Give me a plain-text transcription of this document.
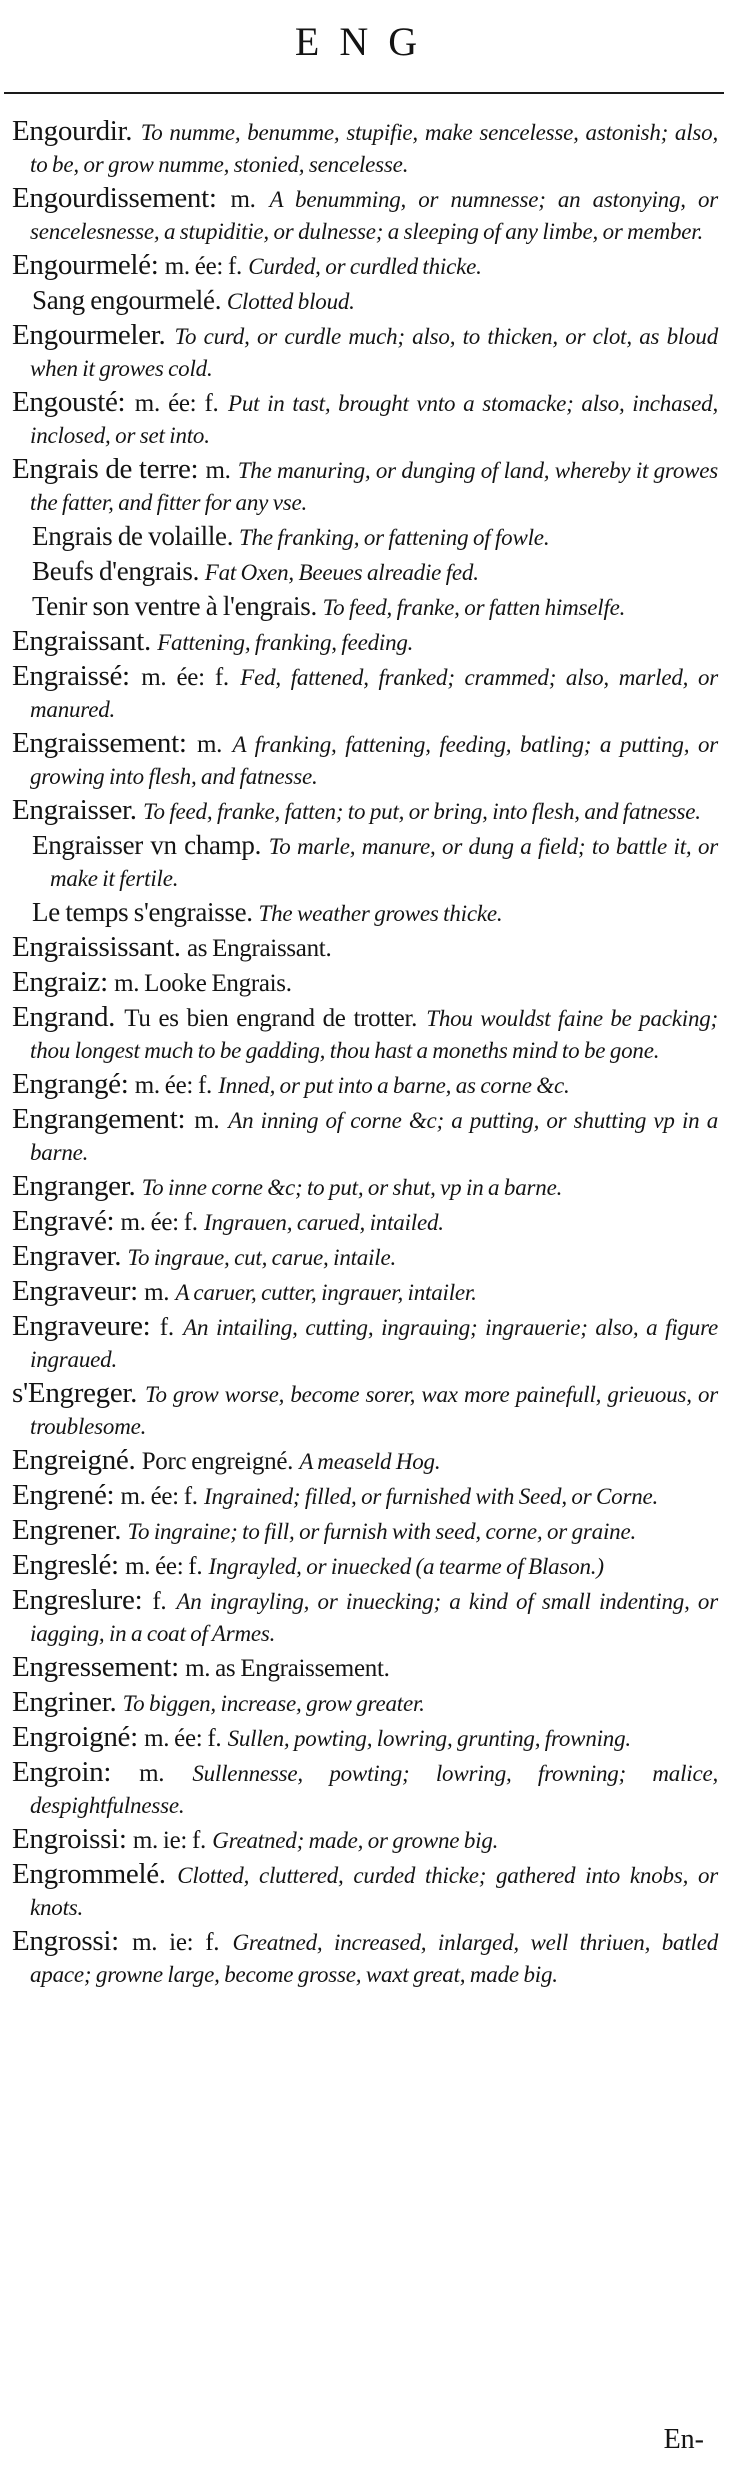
ENG
Engourdir. To numme, benumme, stupifie, make sencelesse, astonish; also, to be, or grow numme, stonied, sencelesse.
Engourdissement: m. A benumming, or numnesse; an astonying, or sencelesnesse, a stupiditie, or dulnesse; a sleeping of any limbe, or member.
Engourmelé: m. ée: f. Curded, or curdled thicke.
Sang engourmelé. Clotted bloud.
Engourmeler. To curd, or curdle much; also, to thicken, or clot, as bloud when it growes cold.
Engousté: m. ée: f. Put in tast, brought vnto a stomacke; also, inchased, inclosed, or set into.
Engrais de terre: m. The manuring, or dunging of land, whereby it growes the fatter, and fitter for any vse.
Engrais de volaille. The franking, or fattening of fowle.
Beufs d'engrais. Fat Oxen, Beeues alreadie fed.
Tenir son ventre à l'engrais. To feed, franke, or fatten himselfe.
Engraissant. Fattening, franking, feeding.
Engraissé: m. ée: f. Fed, fattened, franked; crammed; also, marled, or manured.
Engraissement: m. A franking, fattening, feeding, batling; a putting, or growing into flesh, and fatnesse.
Engraisser. To feed, franke, fatten; to put, or bring, into flesh, and fatnesse.
Engraisser vn champ. To marle, manure, or dung a field; to battle it, or make it fertile.
Le temps s'engraisse. The weather growes thicke.
Engraississant. as Engraissant.
Engraiz: m. Looke Engrais.
Engrand. Tu es bien engrand de trotter. Thou wouldst faine be packing; thou longest much to be gadding, thou hast a moneths mind to be gone.
Engrangé: m. ée: f. Inned, or put into a barne, as corne &c.
Engrangement: m. An inning of corne &c; a putting, or shutting vp in a barne.
Engranger. To inne corne &c; to put, or shut, vp in a barne.
Engravé: m. ée: f. Ingrauen, carued, intailed.
Engraver. To ingraue, cut, carue, intaile.
Engraveur: m. A caruer, cutter, ingrauer, intailer.
Engraveure: f. An intailing, cutting, ingrauing; ingrauerie; also, a figure ingraued.
s'Engreger. To grow worse, become sorer, wax more painefull, grieuous, or troublesome.
Engreigné. Porc engreigné. A measeld Hog.
Engrené: m. ée: f. Ingrained; filled, or furnished with Seed, or Corne.
Engrener. To ingraine; to fill, or furnish with seed, corne, or graine.
Engreslé: m. ée: f. Ingrayled, or inuecked (a tearme of Blason.)
Engreslure: f. An ingrayling, or inuecking; a kind of small indenting, or iagging, in a coat of Armes.
Engressement: m. as Engraissement.
Engriner. To biggen, increase, grow greater.
Engroigné: m. ée: f. Sullen, powting, lowring, grunting, frowning.
Engroin: m. Sullennesse, powting; lowring, frowning; malice, despightfulnesse.
Engroissi: m. ie: f. Greatned; made, or growne big.
Engrommelé. Clotted, cluttered, curded thicke; gathered into knobs, or knots.
Engrossi: m. ie: f. Greatned, increased, inlarged, well thriuen, batled apace; growne large, become grosse, waxt great, made big.
En-
